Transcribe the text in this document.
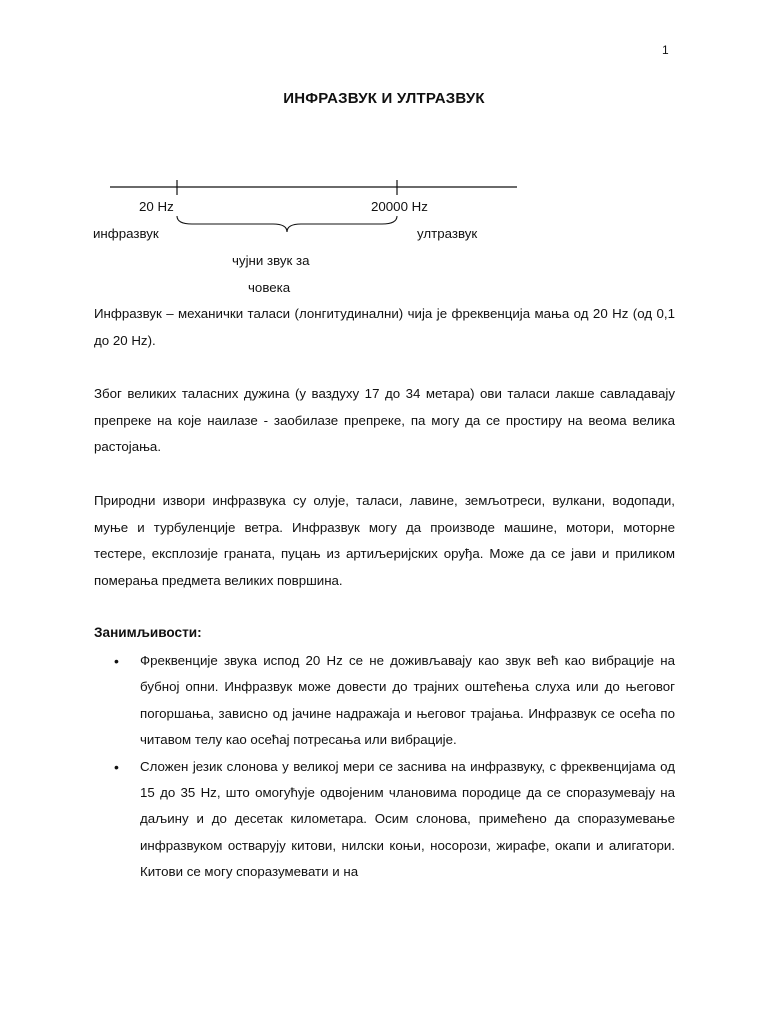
1
ИНФРАЗВУК И УЛТРАЗВУК
20 Hz	20000 Hz
инфразвук	ултразвук
чујни звук за
човека

Инфразвук – механички таласи (лонгитудинални) чија је фреквенција мања од 20 Hz (од 0,1 до 20 Hz).

Због великих таласних дужина (у ваздуху 17 до 34 метара) ови таласи лакше савладавају препреке на које наилазе - заобилазе препреке, па могу да се простиру на веома велика растојања.

Природни извори инфразвука су олује, таласи, лавине, земљотреси, вулкани, водопади, муње и турбуленције ветра. Инфразвук могу да производе машине, мотори, моторне тестере, експлозије граната, пуцањ из артиљеријских оруђа. Може да се јави и приликом померања предмета великих површина.

Занимљивости:
• Фреквенције звука испод 20 Hz се не доживљавају као звук већ као вибрације на бубној опни. Инфразвук може довести до трајних оштећења слуха или до његовог погоршања, зависно од јачине надражаја и његовог трајања. Инфразвук се осећа по читавом телу као осећај потресања или вибрације.
• Сложен језик слонова у великој мери се заснива на инфразвуку, с фреквенцијама од 15 до 35 Hz, што омогућује одвојеним члановима породице да се споразумевају на даљину и до десетак километара. Осим слонова, примећено да споразумевање инфразвуком остварују китови, нилски коњи, носорози, жирафе, окапи и алигатори. Китови се могу споразумевати и на
